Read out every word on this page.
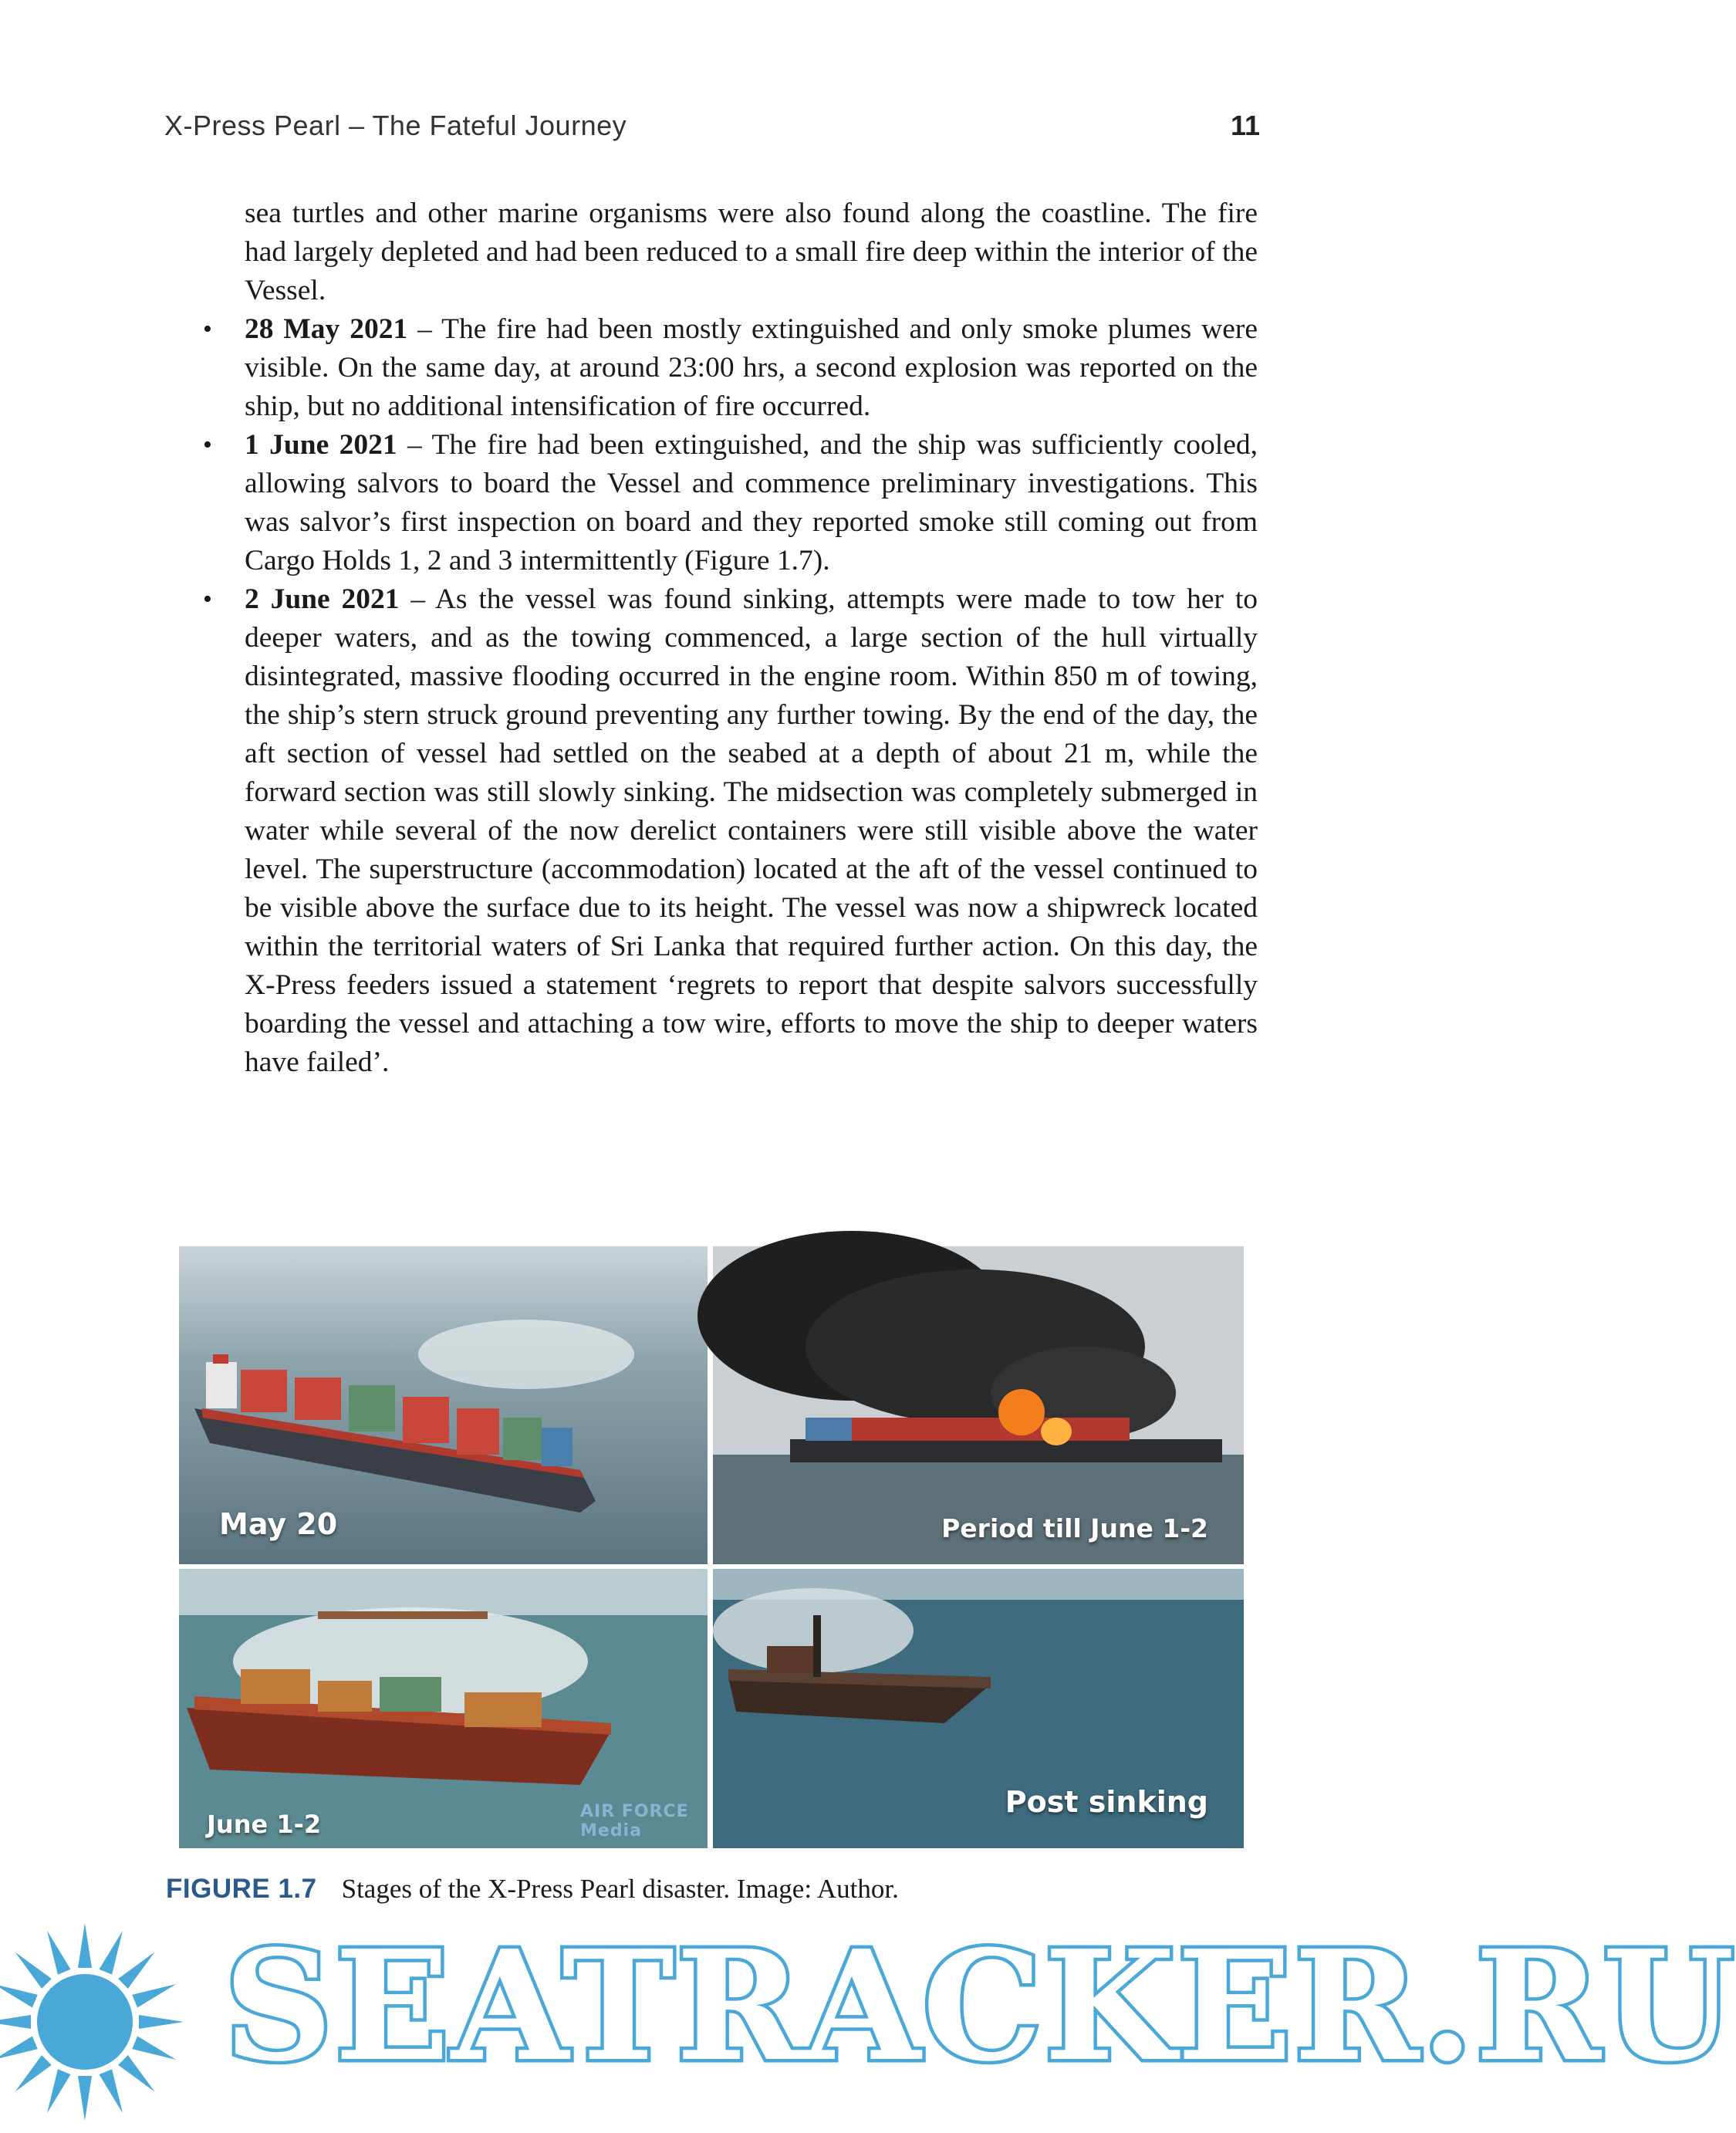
X-Press Pearl – The Fateful Journey	11

sea turtles and other marine organisms were also found along the coastline. The fire had largely depleted and had been reduced to a small fire deep within the interior of the Vessel.

• 28 May 2021 – The fire had been mostly extinguished and only smoke plumes were visible. On the same day, at around 23:00 hrs, a second explosion was reported on the ship, but no additional intensification of fire occurred.
• 1 June 2021 – The fire had been extinguished, and the ship was sufficiently cooled, allowing salvors to board the Vessel and commence preliminary investigations. This was salvor’s first inspection on board and they reported smoke still coming out from Cargo Holds 1, 2 and 3 intermittently (Figure 1.7).
• 2 June 2021 – As the vessel was found sinking, attempts were made to tow her to deeper waters, and as the towing commenced, a large section of the hull virtually disintegrated, massive flooding occurred in the engine room. Within 850 m of towing, the ship’s stern struck ground preventing any further towing. By the end of the day, the aft section of vessel had settled on the seabed at a depth of about 21 m, while the forward section was still slowly sinking. The midsection was completely submerged in water while several of the now derelict containers were still visible above the water level. The superstructure (accommodation) located at the aft of the vessel continued to be visible above the surface due to its height. The vessel was now a shipwreck located within the territorial waters of Sri Lanka that required further action. On this day, the X-Press feeders issued a statement ‘regrets to report that despite salvors successfully boarding the vessel and attaching a tow wire, efforts to move the ship to deeper waters have failed’.
May 20	Period till June 1-2
June 1-2	AIR FORCE Media
Post sinking
FIGURE 1.7 Stages of the X-Press Pearl disaster. Image: Author.
SEATRACKER.RU
